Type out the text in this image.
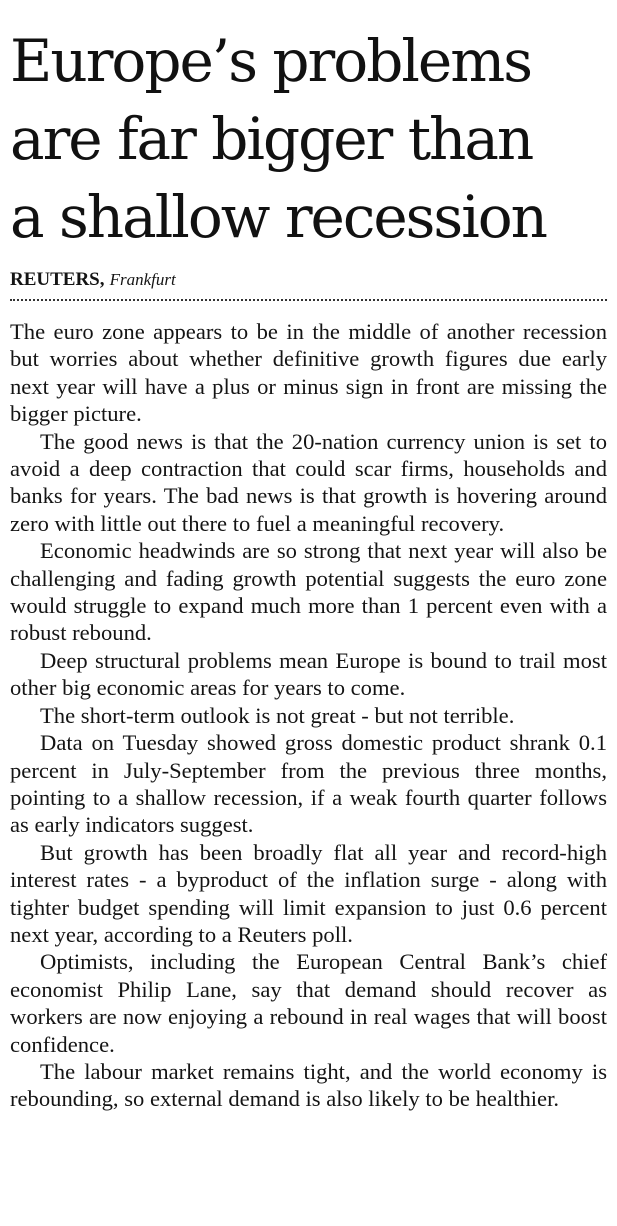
Europe’s problems
are far bigger than
a shallow recession
REUTERS, Frankfurt

The euro zone appears to be in the middle of another recession but worries about whether definitive growth figures due early next year will have a plus or minus sign in front are missing the bigger picture.

The good news is that the 20-nation currency union is set to avoid a deep contraction that could scar firms, households and banks for years. The bad news is that growth is hovering around zero with little out there to fuel a meaningful recovery.

Economic headwinds are so strong that next year will also be challenging and fading growth potential suggests the euro zone would struggle to expand much more than 1 percent even with a robust rebound.

Deep structural problems mean Europe is bound to trail most other big economic areas for years to come.

The short-term outlook is not great - but not terrible.

Data on Tuesday showed gross domestic product shrank 0.1 percent in July-September from the previous three months, pointing to a shallow recession, if a weak fourth quarter follows as early indicators suggest.

But growth has been broadly flat all year and record-high interest rates - a byproduct of the inflation surge - along with tighter budget spending will limit expansion to just 0.6 percent next year, according to a Reuters poll.

Optimists, including the European Central Bank’s chief economist Philip Lane, say that demand should recover as workers are now enjoying a rebound in real wages that will boost confidence.

The labour market remains tight, and the world economy is rebounding, so external demand is also likely to be healthier.
